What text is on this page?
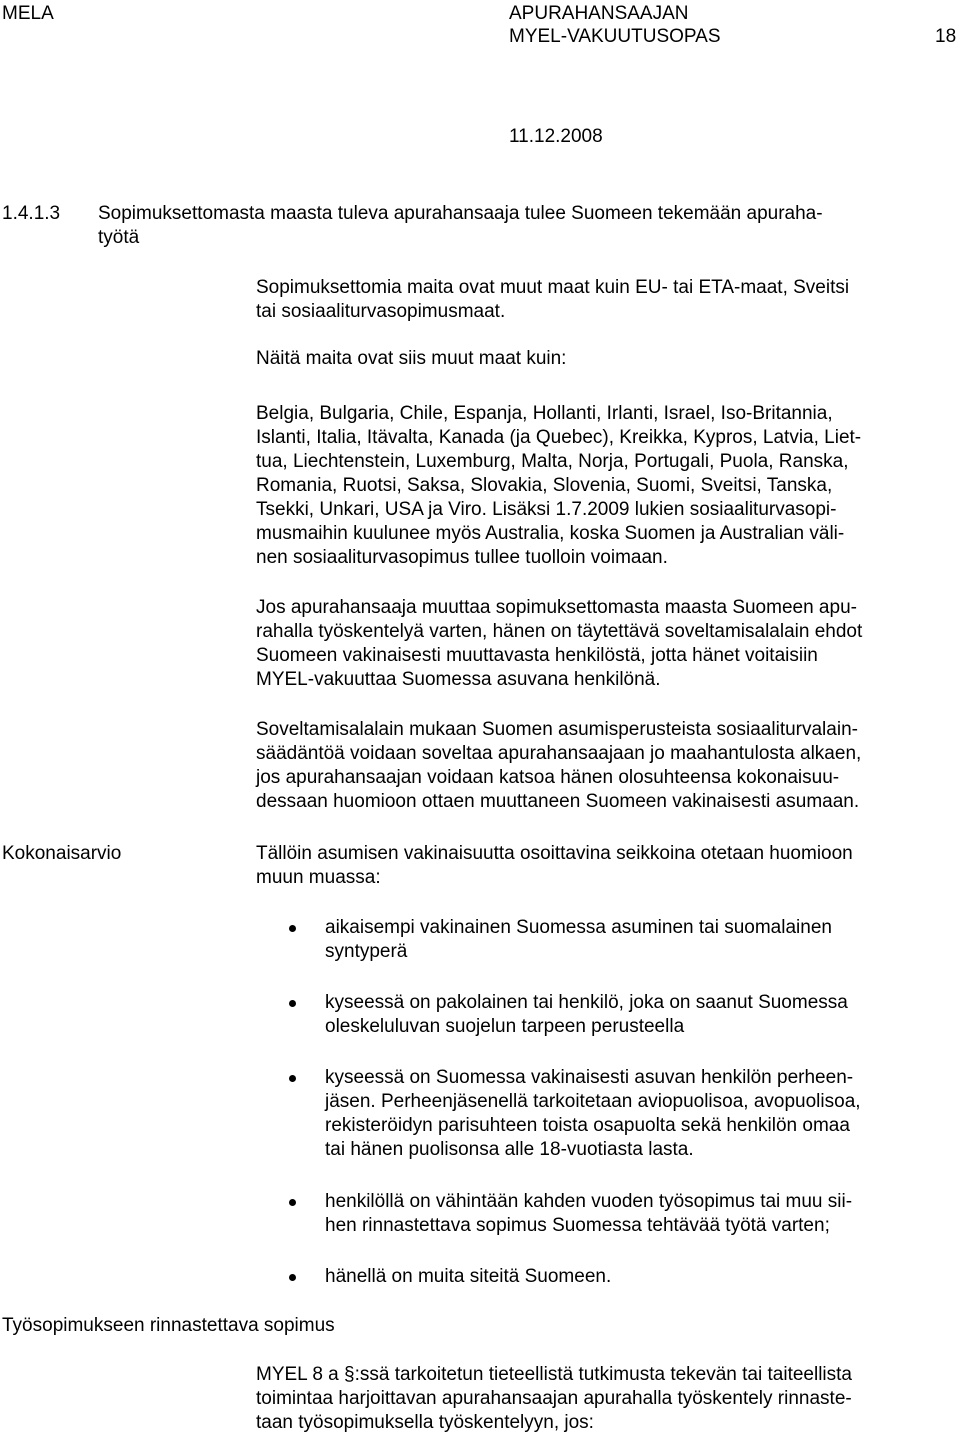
MELA	APURAHANSAAJAN
MYEL-VAKUUTUSOPAS	18
11.12.2008
1.4.1.3 Sopimuksettomasta maasta tuleva apurahansaaja tulee Suomeen tekemään apuraha-
työtä
Sopimuksettomia maita ovat muut maat kuin EU- tai ETA-maat, Sveitsi
tai sosiaaliturvasopimusmaat.
Näitä maita ovat siis muut maat kuin:
Belgia, Bulgaria, Chile, Espanja, Hollanti, Irlanti, Israel, Iso-Britannia,
Islanti, Italia, Itävalta, Kanada (ja Quebec), Kreikka, Kypros, Latvia, Liet-
tua, Liechtenstein, Luxemburg, Malta, Norja, Portugali, Puola, Ranska,
Romania, Ruotsi, Saksa, Slovakia, Slovenia, Suomi, Sveitsi, Tanska,
Tsekki, Unkari, USA ja Viro. Lisäksi 1.7.2009 lukien sosiaaliturvasopi-
musmaihin kuulunee myös Australia, koska Suomen ja Australian väli-
nen sosiaaliturvasopimus tullee tuolloin voimaan.
Jos apurahansaaja muuttaa sopimuksettomasta maasta Suomeen apu-
rahalla työskentelyä varten, hänen on täytettävä soveltamisalalain ehdot
Suomeen vakinaisesti muuttavasta henkilöstä, jotta hänet voitaisiin
MYEL-vakuuttaa Suomessa asuvana henkilönä.
Soveltamisalalain mukaan Suomen asumisperusteista sosiaaliturvalain-
säädäntöä voidaan soveltaa apurahansaajaan jo maahantulosta alkaen,
jos apurahansaajan voidaan katsoa hänen olosuhteensa kokonaisuu-
dessaan huomioon ottaen muuttaneen Suomeen vakinaisesti asumaan.
Kokonaisarvio	Tällöin asumisen vakinaisuutta osoittavina seikkoina otetaan huomioon
muun muassa:
aikaisempi vakinainen Suomessa asuminen tai suomalainen
syntyperä
kyseessä on pakolainen tai henkilö, joka on saanut Suomessa
oleskeluluvan suojelun tarpeen perusteella
kyseessä on Suomessa vakinaisesti asuvan henkilön perheen-
jäsen. Perheenjäsenellä tarkoitetaan aviopuolisoa, avopuolisoa,
rekisteröidyn parisuhteen toista osapuolta sekä henkilön omaa
tai hänen puolisonsa alle 18-vuotiasta lasta.
henkilöllä on vähintään kahden vuoden työsopimus tai muu sii-
hen rinnastettava sopimus Suomessa tehtävää työtä varten;
hänellä on muita siteitä Suomeen.
Työsopimukseen rinnastettava sopimus
MYEL 8 a §:ssä tarkoitetun tieteellistä tutkimusta tekevän tai taiteellista
toimintaa harjoittavan apurahansaajan apurahalla työskentely rinnaste-
taan työsopimuksella työskentelyyn, jos:
